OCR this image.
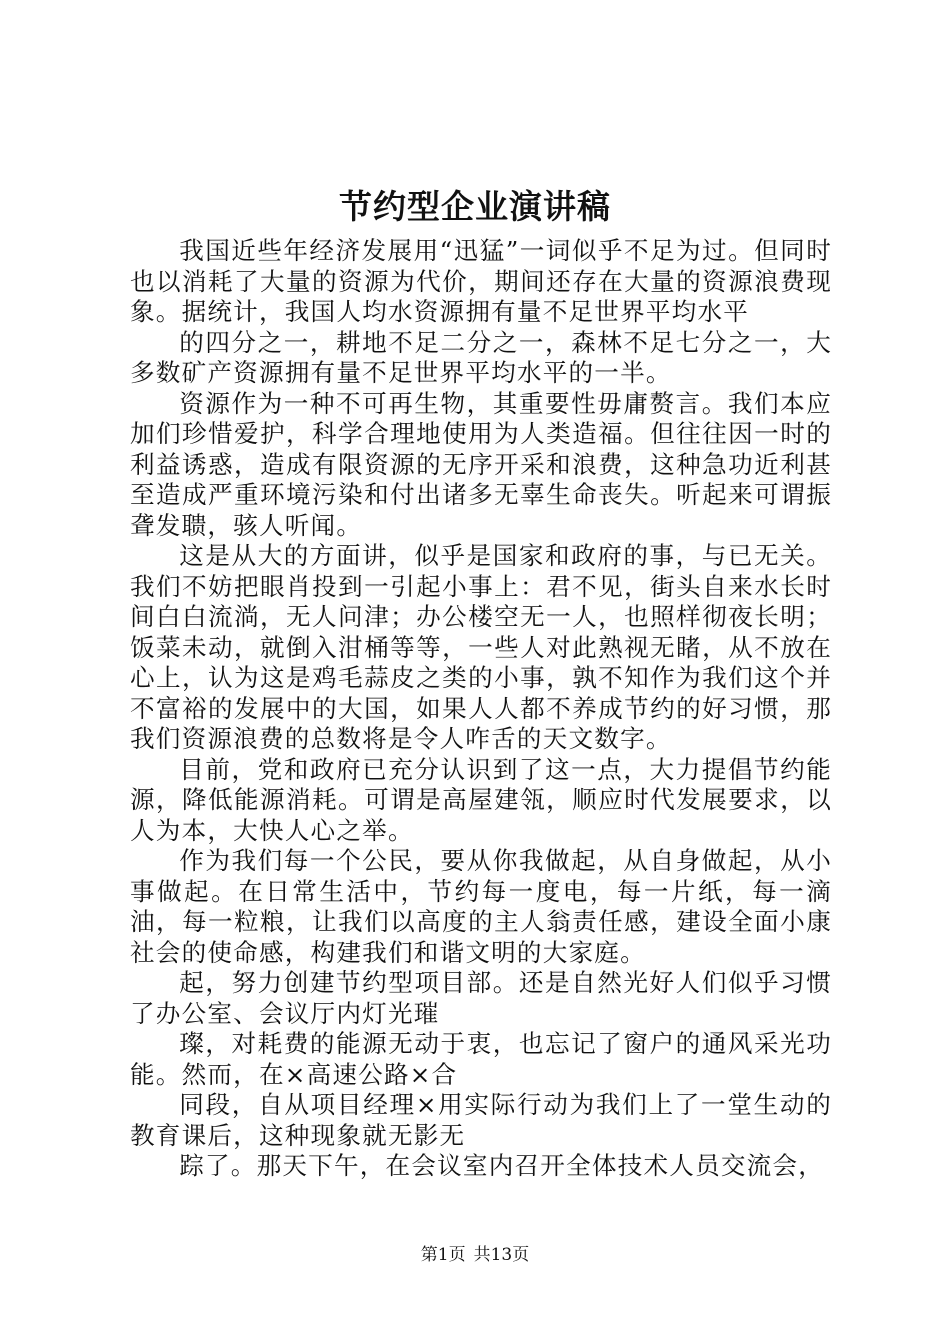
节约型企业演讲稿

我国近些年经济发展用“迅猛”一词似乎不足为过。但同时也以消耗了大量的资源为代价，期间还存在大量的资源浪费现象。据统计，我国人均水资源拥有量不足世界平均水平

的四分之一，耕地不足二分之一，森林不足七分之一，大多数矿产资源拥有量不足世界平均水平的一半。

资源作为一种不可再生物，其重要性毋庸赘言。我们本应加们珍惜爱护，科学合理地使用为人类造福。但往往因一时的利益诱惑，造成有限资源的无序开采和浪费，这种急功近利甚至造成严重环境污染和付出诸多无辜生命丧失。听起来可谓振聋发聩，骇人听闻。

这是从大的方面讲，似乎是国家和政府的事，与已无关。我们不妨把眼肖投到一引起小事上：君不见，街头自来水长时间白白流淌，无人问津；办公楼空无一人，也照样彻夜长明；饭菜未动，就倒入泔桶等等，一些人对此熟视无睹，从不放在心上，认为这是鸡毛蒜皮之类的小事，孰不知作为我们这个并不富裕的发展中的大国，如果人人都不养成节约的好习惯，那我们资源浪费的总数将是令人咋舌的天文数字。

目前，党和政府已充分认识到了这一点，大力提倡节约能源，降低能源消耗。可谓是高屋建瓴，顺应时代发展要求，以人为本，大快人心之举。

作为我们每一个公民，要从你我做起，从自身做起，从小事做起。在日常生活中，节约每一度电，每一片纸，每一滴油，每一粒粮，让我们以高度的主人翁责任感，建设全面小康社会的使命感，构建我们和谐文明的大家庭。

起，努力创建节约型项目部。还是自然光好人们似乎习惯了办公室、会议厅内灯光璀

璨，对耗费的能源无动于衷，也忘记了窗户的通风采光功能。然而，在×高速公路×合

同段，自从项目经理×用实际行动为我们上了一堂生动的教育课后，这种现象就无影无

踪了。那天下午，在会议室内召开全体技术人员交流会，

第1页 共13页
